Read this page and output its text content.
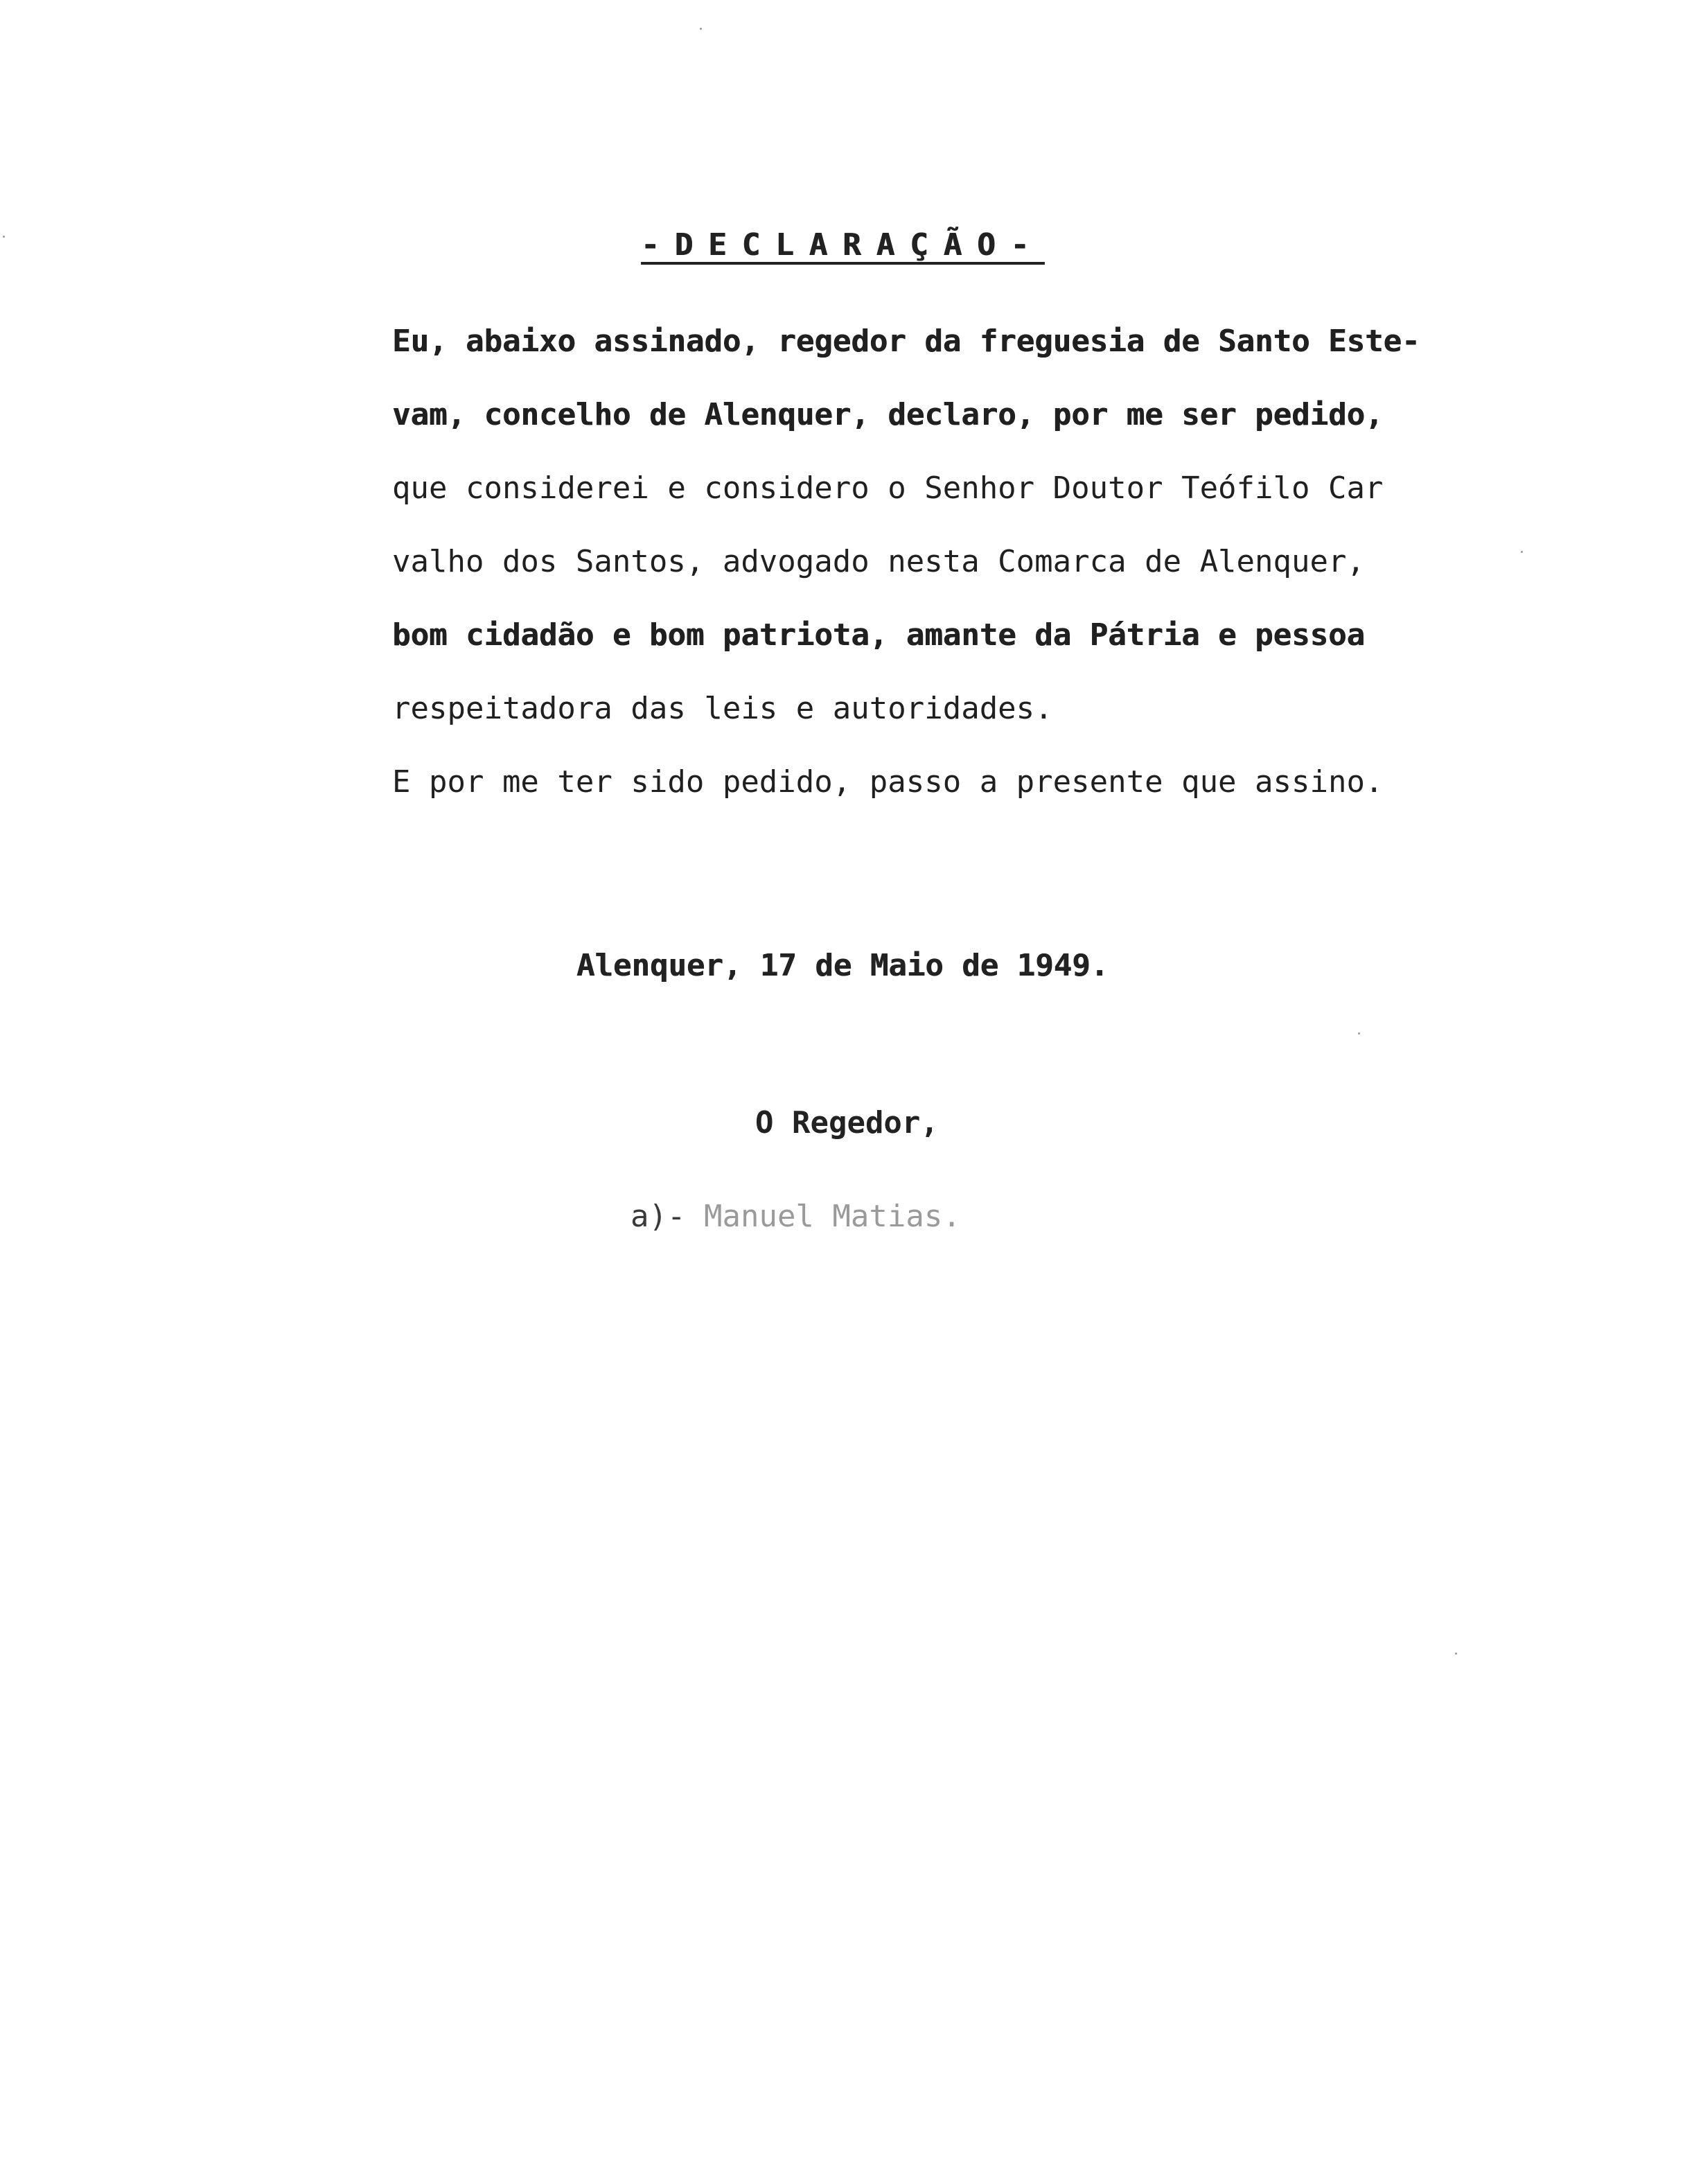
-DECLARAÇÃO-
Eu, abaixo assinado, regedor da freguesia de Santo Este-
vam, concelho de Alenquer, declaro, por me ser pedido,
que considerei e considero o Senhor Doutor Teófilo Car
valho dos Santos, advogado nesta Comarca de Alenquer,
bom cidadão e bom patriota, amante da Pátria e pessoa
respeitadora das leis e autoridades.
E por me ter sido pedido, passo a presente que assino.
Alenquer, 17 de Maio de 1949.
O Regedor,
a)- Manuel Matias.
